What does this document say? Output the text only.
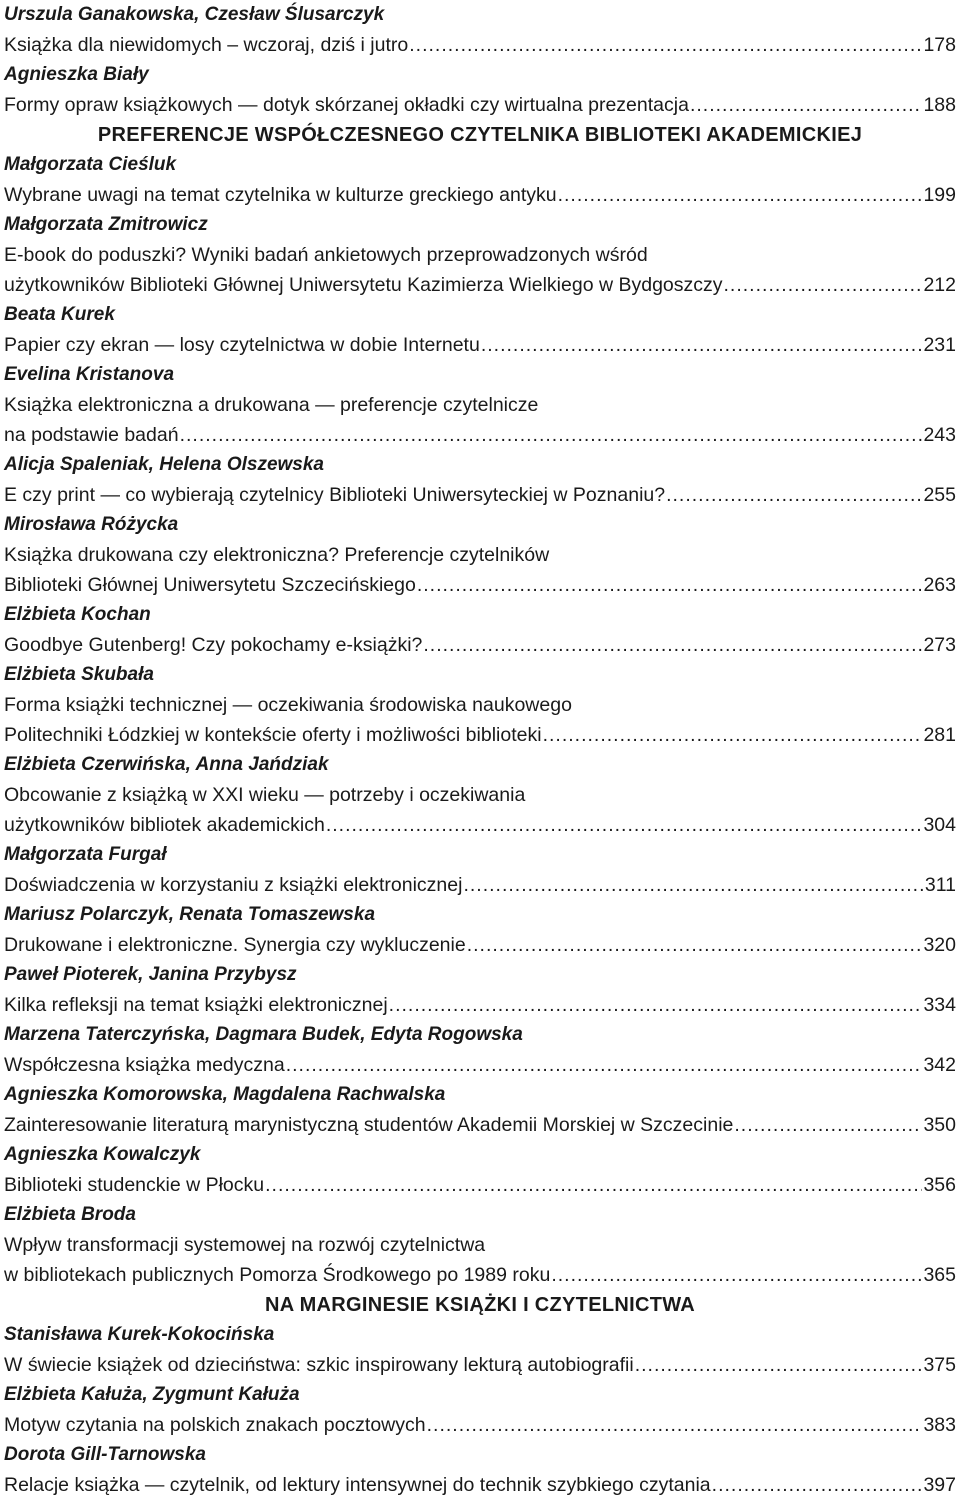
Urszula Ganakowska, Czesław Ślusarczyk
Książka dla niewidomych – wczoraj, dziś i jutro .....	178
Agnieszka Biały
Formy opraw książkowych — dotyk skórzanej okładki czy wirtualna prezentacja .....	188
PREFERENCJE WSPÓŁCZESNEGO CZYTELNIKA BIBLIOTEKI AKADEMICKIEJ
Małgorzata Cieśluk
Wybrane uwagi na temat czytelnika w kulturze greckiego antyku .....	199
Małgorzata Zmitrowicz
E-book do poduszki? Wyniki badań ankietowych przeprowadzonych wśród
użytkowników Biblioteki Głównej Uniwersytetu Kazimierza Wielkiego w Bydgoszczy .....	212
Beata Kurek
Papier czy ekran — losy czytelnictwa w dobie Internetu .....	231
Evelina Kristanova
Książka elektroniczna a drukowana — preferencje czytelnicze
na podstawie badań .....	243
Alicja Spaleniak, Helena Olszewska
E czy print — co wybierają czytelnicy Biblioteki Uniwersyteckiej w Poznaniu? .....	255
Mirosława Różycka
Książka drukowana czy elektroniczna? Preferencje czytelników
Biblioteki Głównej Uniwersytetu Szczecińskiego .....	263
Elżbieta Kochan
Goodbye Gutenberg! Czy pokochamy e-książki? .....	273
Elżbieta Skubała
Forma książki technicznej — oczekiwania środowiska naukowego
Politechniki Łódzkiej w kontekście oferty i możliwości biblioteki .....	281
Elżbieta Czerwińska, Anna Jańdziak
Obcowanie z książką w XXI wieku — potrzeby i oczekiwania
użytkowników bibliotek akademickich .....	304
Małgorzata Furgał
Doświadczenia w korzystaniu z książki elektronicznej .....	311
Mariusz Polarczyk, Renata Tomaszewska
Drukowane i elektroniczne. Synergia czy wykluczenie .....	320
Paweł Pioterek, Janina Przybysz
Kilka refleksji na temat książki elektronicznej .....	334
Marzena Taterczyńska, Dagmara Budek, Edyta Rogowska
Współczesna książka medyczna .....	342
Agnieszka Komorowska, Magdalena Rachwalska
Zainteresowanie literaturą marynistyczną studentów Akademii Morskiej w Szczecinie .....	350
Agnieszka Kowalczyk
Biblioteki studenckie w Płocku .....	356
Elżbieta Broda
Wpływ transformacji systemowej na rozwój czytelnictwa
w bibliotekach publicznych Pomorza Środkowego po 1989 roku .....	365
NA MARGINESIE KSIĄŻKI I CZYTELNICTWA
Stanisława Kurek-Kokocińska
W świecie książek od dzieciństwa: szkic inspirowany lekturą autobiografii .....	375
Elżbieta Kałuża, Zygmunt Kałuża
Motyw czytania na polskich znakach pocztowych .....	383
Dorota Gill-Tarnowska
Relacje książka — czytelnik, od lektury intensywnej do technik szybkiego czytania .....	397
